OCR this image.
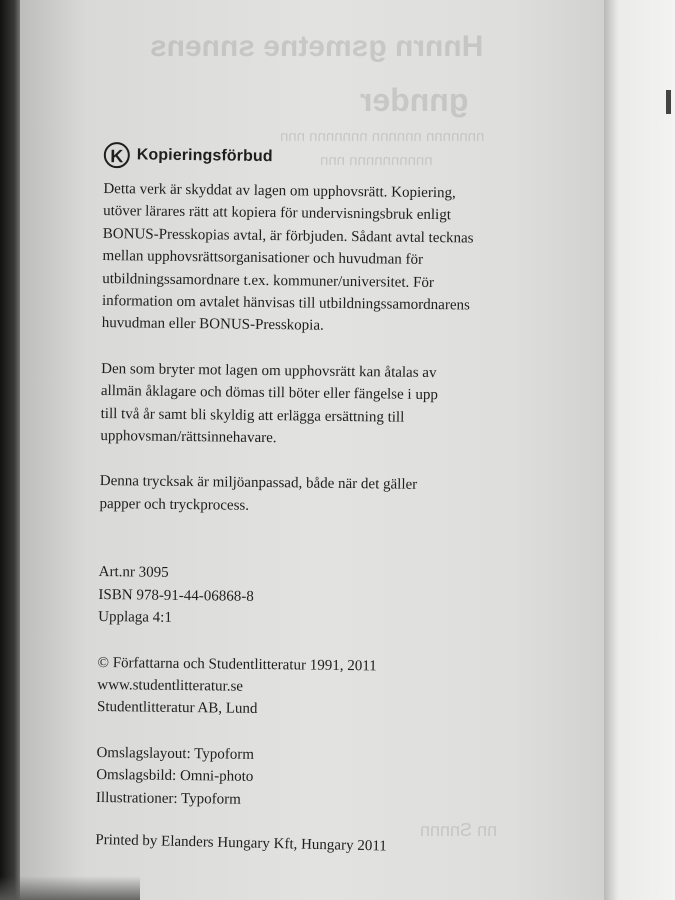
Hnnrn gsmetne snnens
gnnder
nnnnnnn nnnnnn nnnnnnn nnn
nnnnnnnnnn nnn
nn Snnnn
K Kopieringsförbud
Detta verk är skyddat av lagen om upphovsrätt. Kopiering,
utöver lärares rätt att kopiera för undervisningsbruk enligt
BONUS-Presskopias avtal, är förbjuden. Sådant avtal tecknas
mellan upphovsrättsorganisationer och huvudman för
utbildningssamordnare t.ex. kommuner/universitet. För
information om avtalet hänvisas till utbildningssamordnarens
huvudman eller BONUS-Presskopia.
Den som bryter mot lagen om upphovsrätt kan åtalas av
allmän åklagare och dömas till böter eller fängelse i upp
till två år samt bli skyldig att erlägga ersättning till
upphovsman/rättsinnehavare.
Denna trycksak är miljöanpassad, både när det gäller
papper och tryckprocess.
Art.nr 3095
ISBN 978-91-44-06868-8
Upplaga 4:1
© Författarna och Studentlitteratur 1991, 2011
www.studentlitteratur.se
Studentlitteratur AB, Lund
Omslagslayout: Typoform
Omslagsbild: Omni-photo
Illustrationer: Typoform
Printed by Elanders Hungary Kft, Hungary 2011
